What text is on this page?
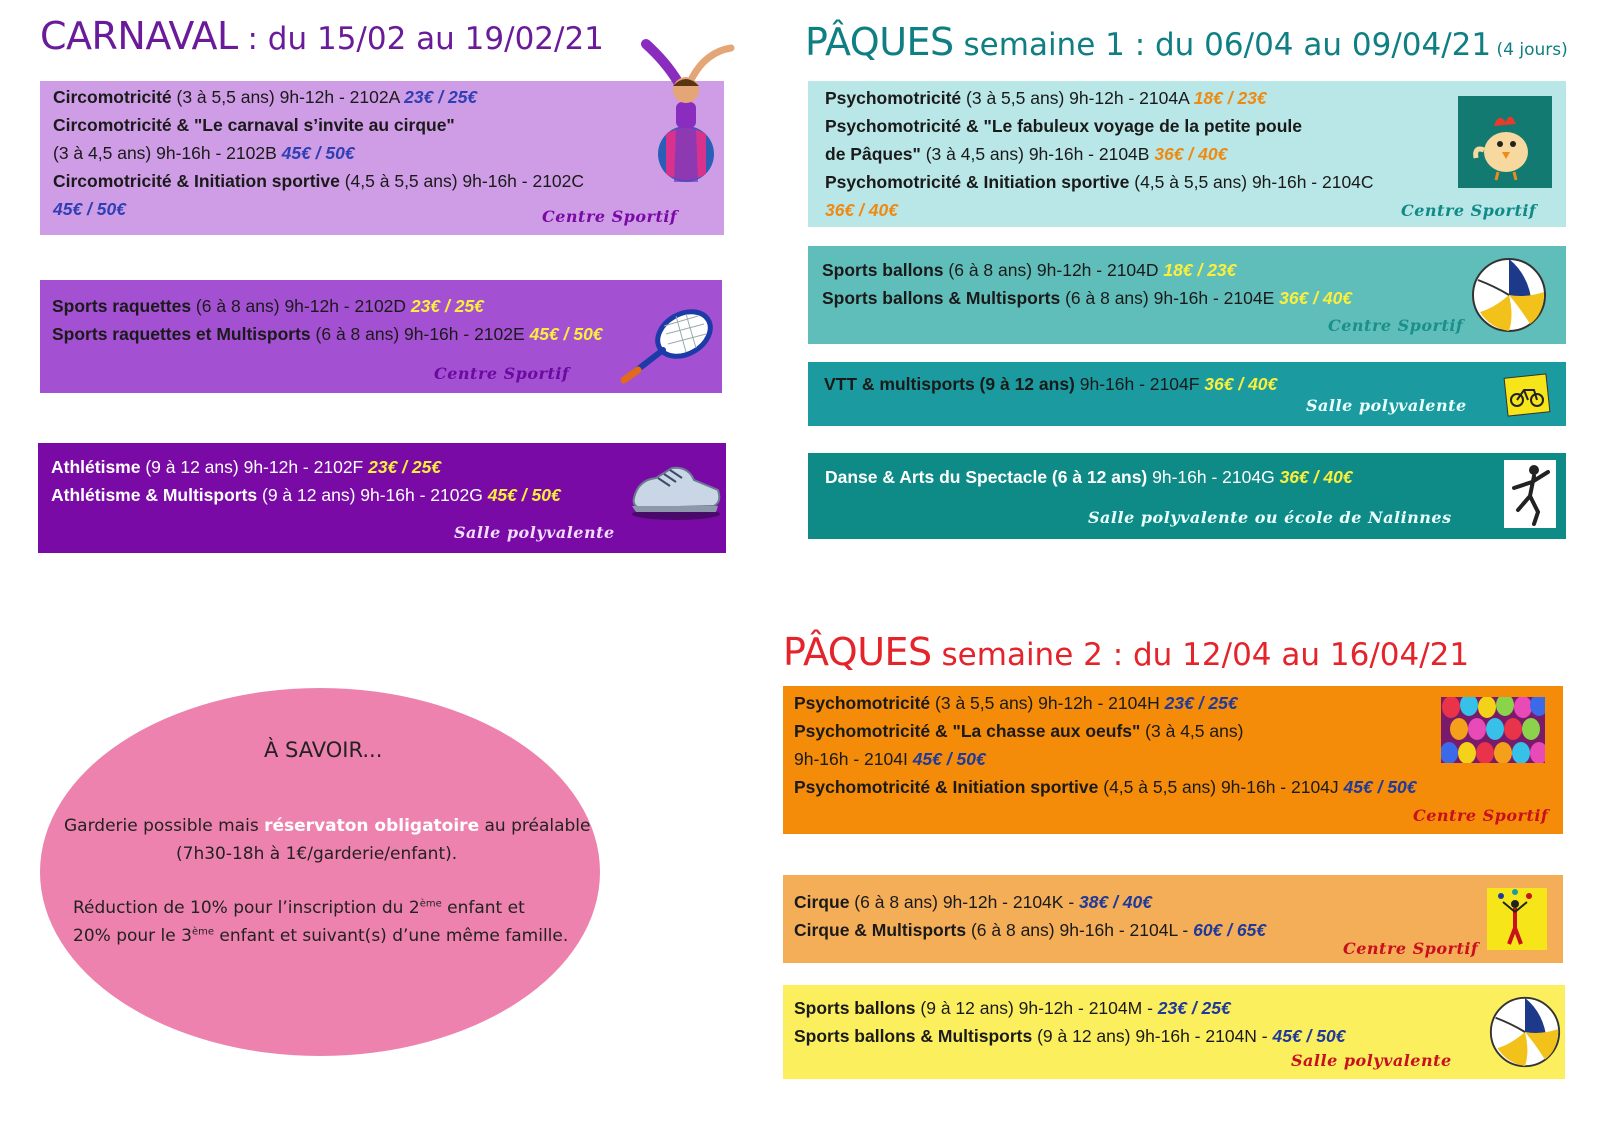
CARNAVAL : du 15/02 au 19/02/21	PÂQUES semaine 1 : du 06/04 au 09/04/21 (4 jours)
PÂQUES semaine 2 : du 12/04 au 16/04/21
Circomotricité (3 à 5,5 ans) 9h-12h - 2102A 23€ / 25€
Circomotricité & "Le carnaval s’invite au cirque"
(3 à 4,5 ans) 9h-16h - 2102B 45€ / 50€
Circomotricité & Initiation sportive (4,5 à 5,5 ans) 9h-16h - 2102C
45€ / 50€	Centre Sportif
Sports raquettes (6 à 8 ans) 9h-12h - 2102D 23€ / 25€
Sports raquettes et Multisports (6 à 8 ans) 9h-16h - 2102E 45€ / 50€
Centre Sportif
Athlétisme (9 à 12 ans) 9h-12h - 2102F 23€ / 25€
Athlétisme & Multisports (9 à 12 ans) 9h-16h - 2102G 45€ / 50€
Salle polyvalente
Psychomotricité (3 à 5,5 ans) 9h-12h - 2104A 18€ / 23€
Psychomotricité & "Le fabuleux voyage de la petite poule
de Pâques" (3 à 4,5 ans) 9h-16h - 2104B 36€ / 40€
Psychomotricité & Initiation sportive (4,5 à 5,5 ans) 9h-16h - 2104C
36€ / 40€	Centre Sportif
Sports ballons (6 à 8 ans) 9h-12h - 2104D 18€ / 23€
Sports ballons & Multisports (6 à 8 ans) 9h-16h - 2104E 36€ / 40€
Centre Sportif
VTT & multisports (9 à 12 ans) 9h-16h - 2104F 36€ / 40€
Salle polyvalente
Danse & Arts du Spectacle (6 à 12 ans) 9h-16h - 2104G 36€ / 40€
Salle polyvalente ou école de Nalinnes
Psychomotricité (3 à 5,5 ans) 9h-12h - 2104H 23€ / 25€
Psychomotricité & "La chasse aux oeufs" (3 à 4,5 ans)
9h-16h - 2104I 45€ / 50€
Psychomotricité & Initiation sportive (4,5 à 5,5 ans) 9h-16h - 2104J 45€ / 50€
Centre Sportif
Cirque (6 à 8 ans) 9h-12h - 2104K - 38€ / 40€
Cirque & Multisports (6 à 8 ans) 9h-16h - 2104L - 60€ / 65€
Centre Sportif
Sports ballons (9 à 12 ans) 9h-12h - 2104M - 23€ / 25€
Sports ballons & Multisports (9 à 12 ans) 9h-16h - 2104N - 45€ / 50€
Salle polyvalente
À SAVOIR...
Garderie possible mais réservaton obligatoire au préalable
(7h30-18h à 1€/garderie/enfant).
Réduction de 10% pour l’inscription du 2ème enfant et
20% pour le 3ème enfant et suivant(s) d’une même famille.
